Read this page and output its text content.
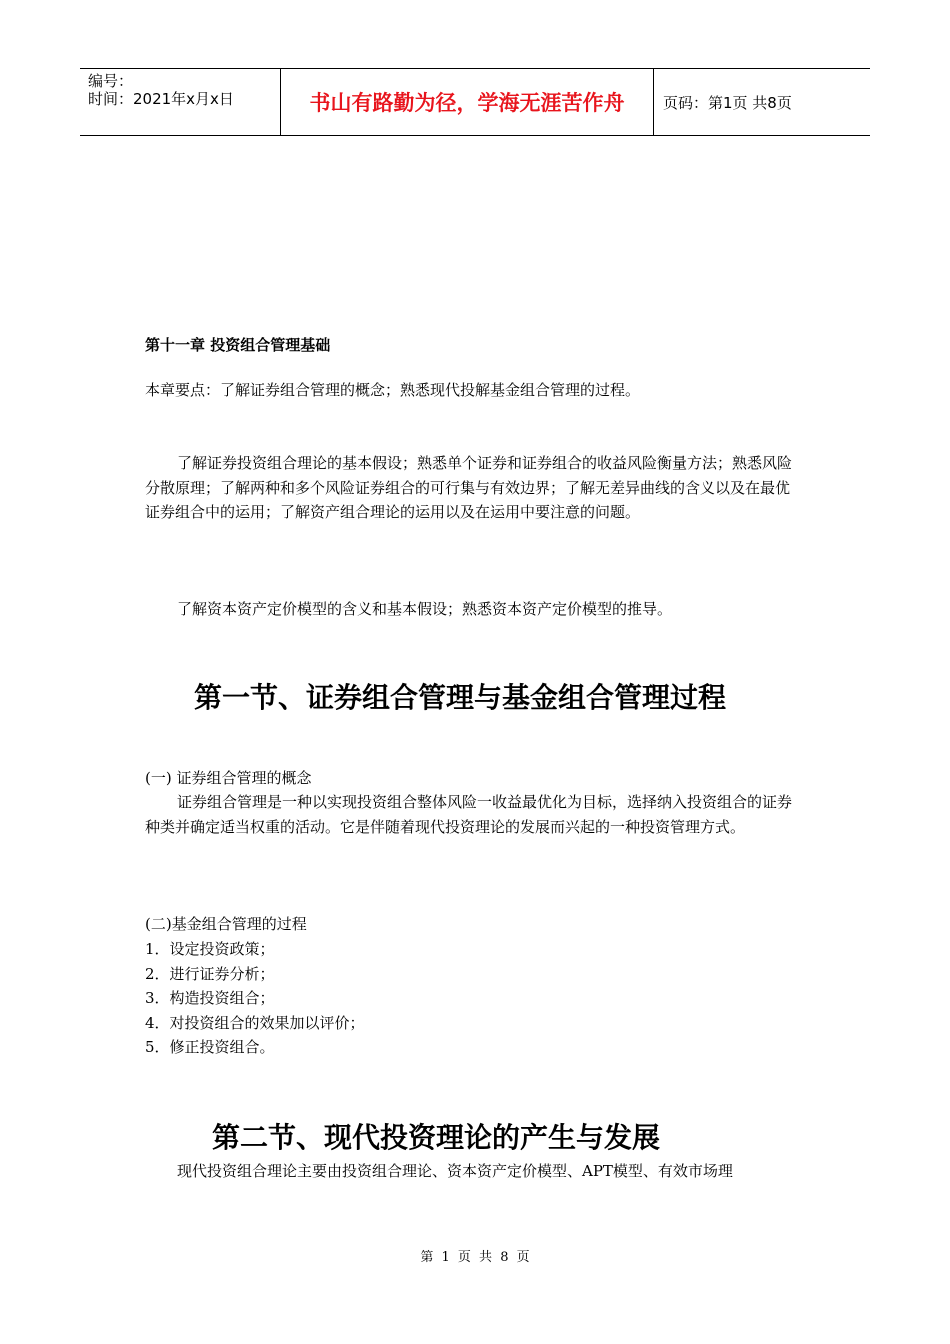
编号：
时间：2021年x月x日	书山有路勤为径，学海无涯苦作舟	页码：第1页 共8页
第十一章 投资组合管理基础
本章要点：了解证券组合管理的概念；熟悉现代投解基金组合管理的过程。
了解证券投资组合理论的基本假设；熟悉单个证券和证券组合的收益风险衡量方法；熟悉风险分散原理；了解两种和多个风险证券组合的可行集与有效边界；了解无差异曲线的含义以及在最优证券组合中的运用；了解资产组合理论的运用以及在运用中要注意的问题。
了解资本资产定价模型的含义和基本假设；熟悉资本资产定价模型的推导。
第一节、证券组合管理与基金组合管理过程
(一) 证券组合管理的概念
证券组合管理是一种以实现投资组合整体风险一收益最优化为目标，选择纳入投资组合的证券种类并确定适当权重的活动。它是伴随着现代投资理论的发展而兴起的一种投资管理方式。
(二)基金组合管理的过程
1．设定投资政策；
2．进行证券分析；
3．构造投资组合；
4．对投资组合的效果加以评价；
5．修正投资组合。
第二节、现代投资理论的产生与发展
现代投资组合理论主要由投资组合理论、资本资产定价模型、APT模型、有效市场理
第 1 页 共 8 页
